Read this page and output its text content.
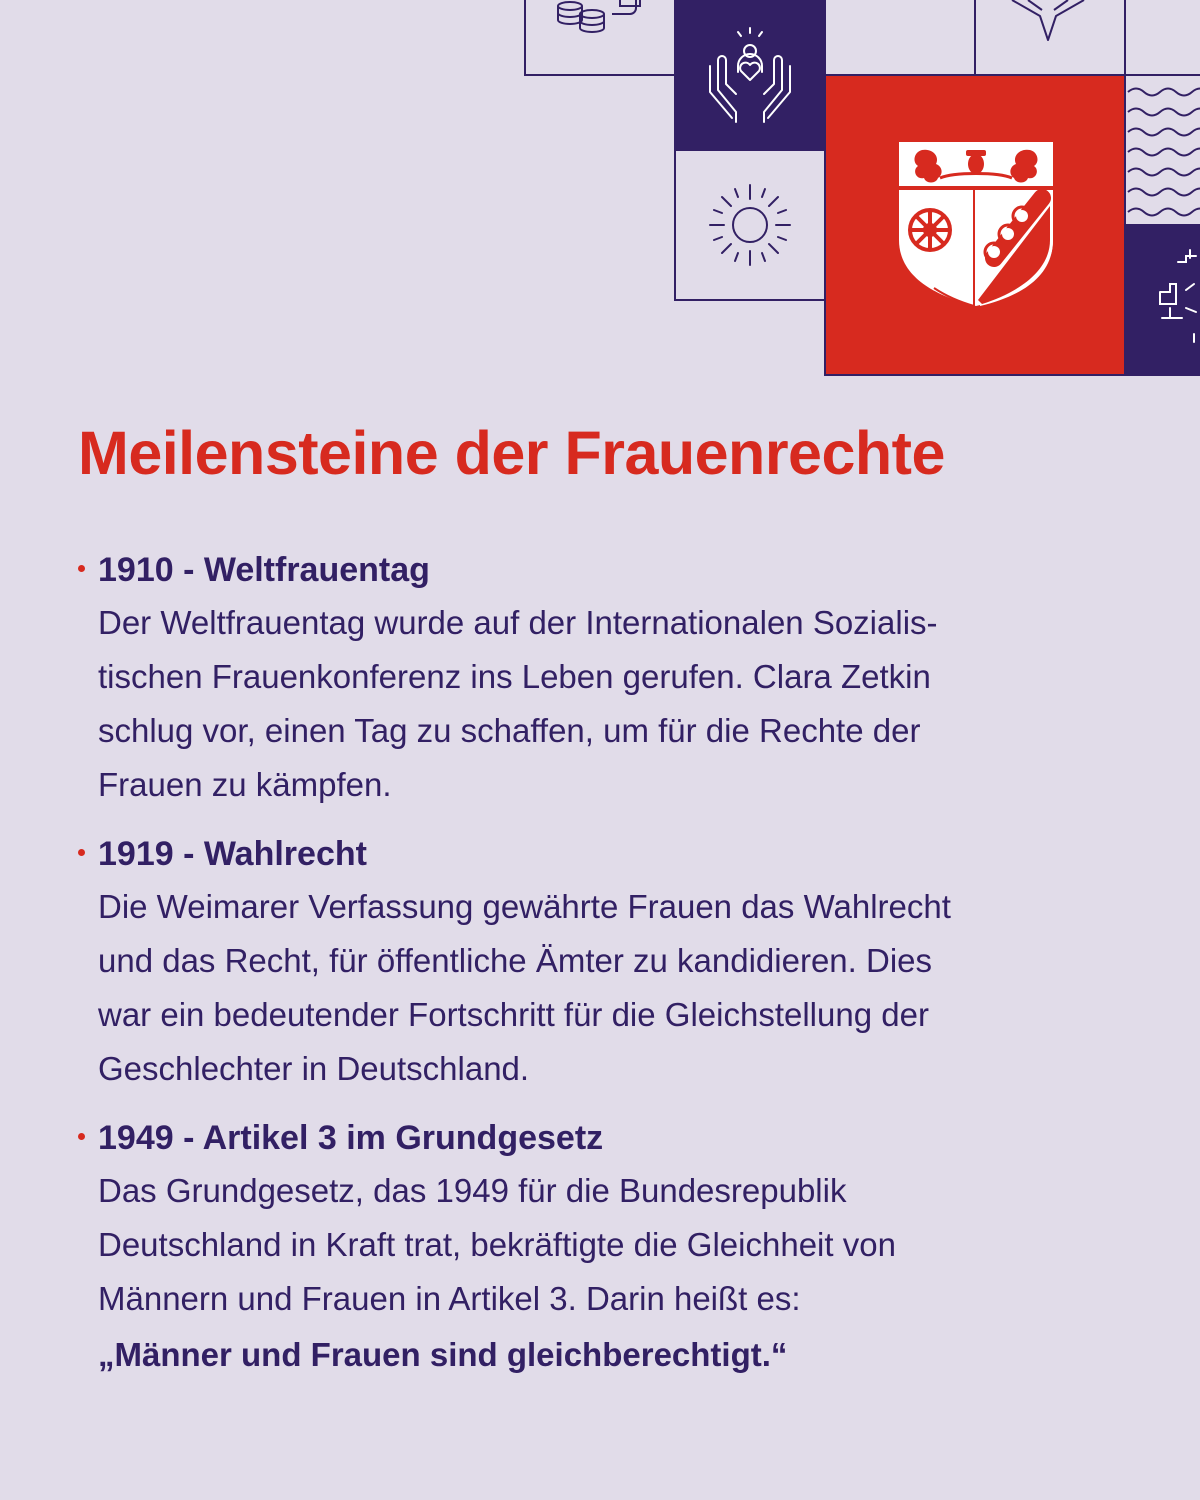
Meilensteine der Frauenrechte

1910 - Weltfrauentag

Der Weltfrauentag wurde auf der Internationalen Sozialis-
tischen Frauenkonferenz ins Leben gerufen. Clara Zetkin
schlug vor, einen Tag zu schaffen, um für die Rechte der
Frauen zu kämpfen.

1919 - Wahlrecht

Die Weimarer Verfassung gewährte Frauen das Wahlrecht
und das Recht, für öffentliche Ämter zu kandidieren. Dies
war ein bedeutender Fortschritt für die Gleichstellung der
Geschlechter in Deutschland.

1949 - Artikel 3 im Grundgesetz

Das Grundgesetz, das 1949 für die Bundesrepublik
Deutschland in Kraft trat, bekräftigte die Gleichheit von
Männern und Frauen in Artikel 3. Darin heißt es:
„Männer und Frauen sind gleichberechtigt.“
